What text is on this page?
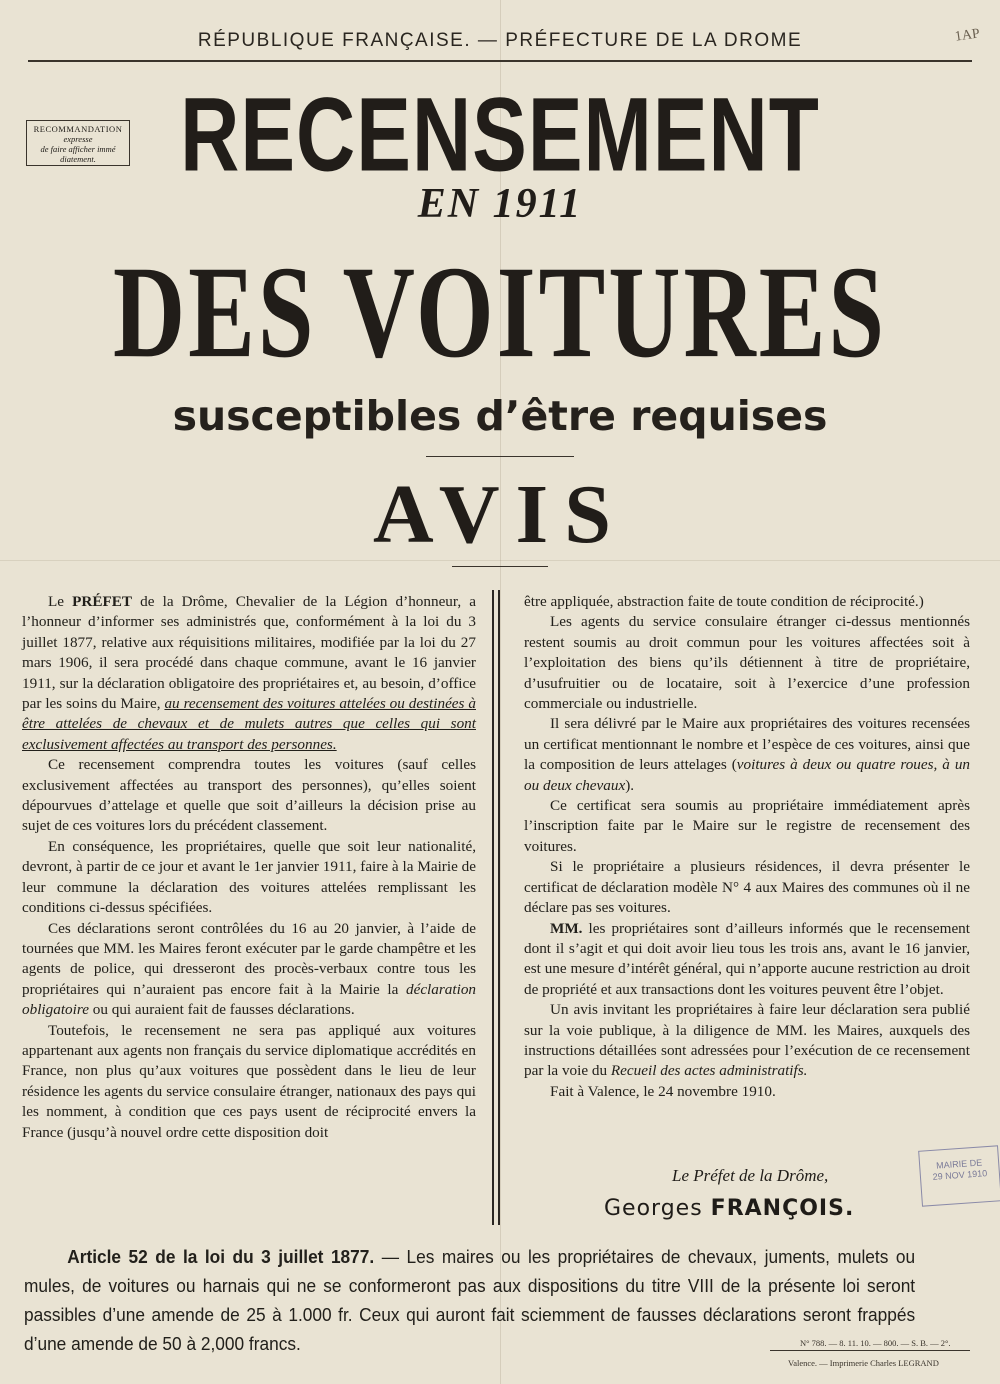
RÉPUBLIQUE FRANÇAISE. — PRÉFECTURE DE LA DROME	1AP
RECOMMANDATION
expresse
de faire afficher immé
diatement.	RECENSEMENT
EN 1911
DES VOITURES
susceptibles d’être requises
AVIS

Le PRÉFET de la Drôme, Chevalier de la Légion d’honneur, a l’honneur d’informer ses administrés que, conformément à la loi du 3 juillet 1877, relative aux réquisitions militaires, modifiée par la loi du 27 mars 1906, il sera procédé dans chaque commune, avant le 16 janvier 1911, sur la déclaration obligatoire des propriétaires et, au besoin, d’office par les soins du Maire, au recensement des voitures attelées ou destinées à être attelées de chevaux et de mulets autres que celles qui sont exclusivement affectées au transport des personnes.

Ce recensement comprendra toutes les voitures (sauf celles exclusivement affectées au transport des personnes), qu’elles soient dépourvues d’attelage et quelle que soit d’ailleurs la décision prise au sujet de ces voitures lors du précédent classement.

En conséquence, les propriétaires, quelle que soit leur nationalité, devront, à partir de ce jour et avant le 1er janvier 1911, faire à la Mairie de leur commune la déclaration des voitures attelées remplissant les conditions ci-dessus spécifiées.

Ces déclarations seront contrôlées du 16 au 20 janvier, à l’aide de tournées que MM. les Maires feront exécuter par le garde champêtre et les agents de police, qui dresseront des procès-verbaux contre tous les propriétaires qui n’auraient pas encore fait à la Mairie la déclaration obligatoire ou qui auraient fait de fausses déclarations.

Toutefois, le recensement ne sera pas appliqué aux voitures appartenant aux agents non français du service diplomatique accrédités en France, non plus qu’aux voitures que possèdent dans le lieu de leur résidence les agents du service consulaire étranger, nationaux des pays qui les nomment, à condition que ces pays usent de réciprocité envers la France (jusqu’à nouvel ordre cette disposition doit

être appliquée, abstraction faite de toute condition de réciprocité.)

Les agents du service consulaire étranger ci-dessus mentionnés restent soumis au droit commun pour les voitures affectées soit à l’exploitation des biens qu’ils détiennent à titre de propriétaire, d’usufruitier ou de locataire, soit à l’exercice d’une profession commerciale ou industrielle.

Il sera délivré par le Maire aux propriétaires des voitures recensées un certificat mentionnant le nombre et l’espèce de ces voitures, ainsi que la composition de leurs attelages (voitures à deux ou quatre roues, à un ou deux chevaux).

Ce certificat sera soumis au propriétaire immédiatement après l’inscription faite par le Maire sur le registre de recensement des voitures.

Si le propriétaire a plusieurs résidences, il devra présenter le certificat de déclaration modèle N° 4 aux Maires des communes où il ne déclare pas ses voitures.

MM. les propriétaires sont d’ailleurs informés que le recensement dont il s’agit et qui doit avoir lieu tous les trois ans, avant le 16 janvier, est une mesure d’intérêt général, qui n’apporte aucune restriction au droit de propriété et aux transactions dont les voitures peuvent être l’objet.

Un avis invitant les propriétaires à faire leur déclaration sera publié sur la voie publique, à la diligence de MM. les Maires, auxquels des instructions détaillées sont adressées pour l’exécution de ce recensement par la voie du Recueil des actes administratifs.

Fait à Valence, le 24 novembre 1910.

Le Préfet de la Drôme,
Georges FRANÇOIS.
MAIRIE DE
29 NOV 1910

Article 52 de la loi du 3 juillet 1877. — Les maires ou les propriétaires de chevaux, juments, mulets ou mules, de voitures ou harnais qui ne se conformeront pas aux dispositions du titre VIII de la présente loi seront passibles d’une amende de 25 à 1.000 fr. Ceux qui auront fait sciemment de fausses déclarations seront frappés d’une amende de 50 à 2,000 francs.	N° 788. — 8. 11. 10. — 800. — S. B. — 2°.
Valence. — Imprimerie Charles LEGRAND
